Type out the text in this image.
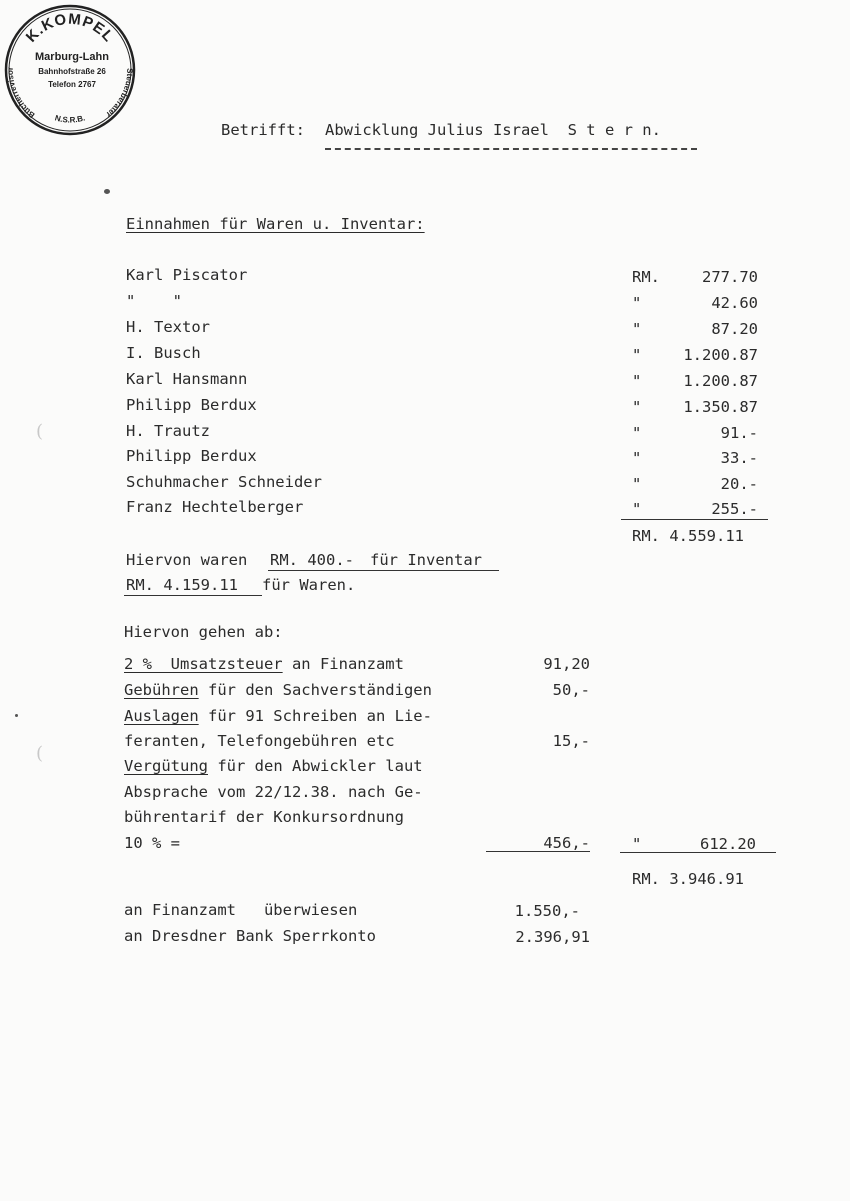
K.KOMPEL
Bücherrevisor	Steuerberater
N.S.R.B.
Marburg-Lahn
Bahnhofstraße 26
Telefon 2767
Betrifft: Abwicklung Julius Israel  S t e r n.
(
(
Einnahmen für Waren u. Inventar:
Karl Piscator	RM.	277.70
"    "	"	42.60
H. Textor	"	87.20
I. Busch	"	1.200.87
Karl Hansmann	"	1.200.87
Philipp Berdux	"	1.350.87
H. Trautz	"	91.-
Philipp Berdux	"	33.-
Schuhmacher Schneider	"	20.-
Franz Hechtelberger	"	255.-
RM. 4.559.11
Hiervon waren RM. 400.- für Inventar
RM. 4.159.11 für Waren.
Hiervon gehen ab:
2 %  Umsatzsteuer an Finanzamt	91,20
Gebühren für den Sachverständigen	50,-
Auslagen für 91 Schreiben an Lie-
feranten, Telefongebühren etc	15,-
Vergütung für den Abwickler laut
Absprache vom 22/12.38. nach Ge-
bührentarif der Konkursordnung
10 % =	456,-	"	612.20
RM. 3.946.91
an Finanzamt   überwiesen	1.550,-
an Dresdner Bank Sperrkonto	2.396,91
